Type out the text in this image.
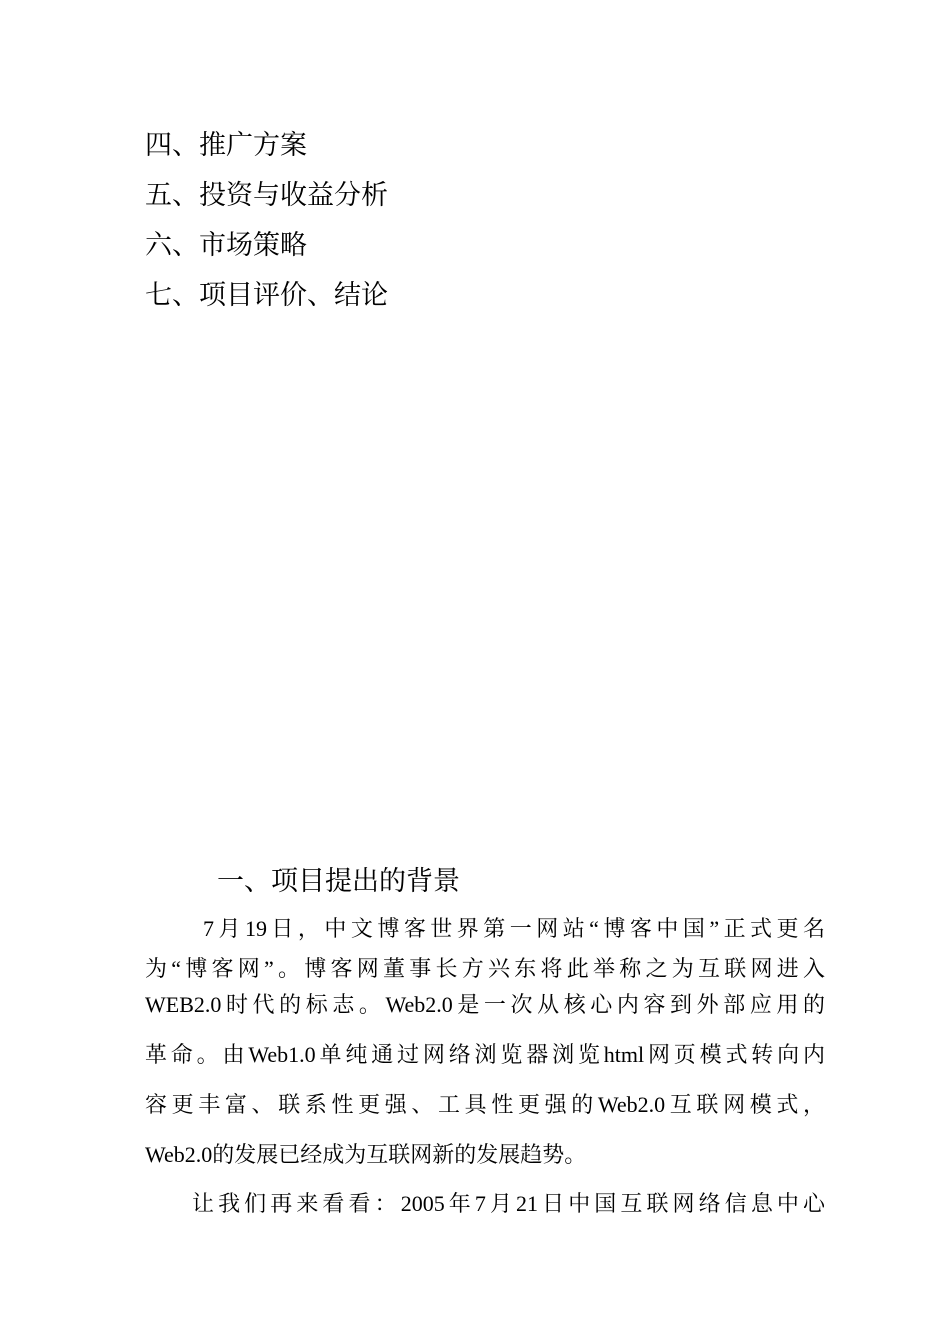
四、推广方案
五、投资与收益分析
六、市场策略
七、项目评价、结论
一、项目提出的背景
7月19日，中文博客世界第一网站“博客中国”正式更名
为“博客网”。博客网董事长方兴东将此举称之为互联网进入
WEB2.0时代的标志。Web2.0是一次从核心内容到外部应用的
革命。由Web1.0单纯通过网络浏览器浏览html网页模式转向内
容更丰富、联系性更强、工具性更强的Web2.0互联网模式，
Web2.0的发展已经成为互联网新的发展趋势。
让我们再来看看：2005年7月21日中国互联网络信息中心
